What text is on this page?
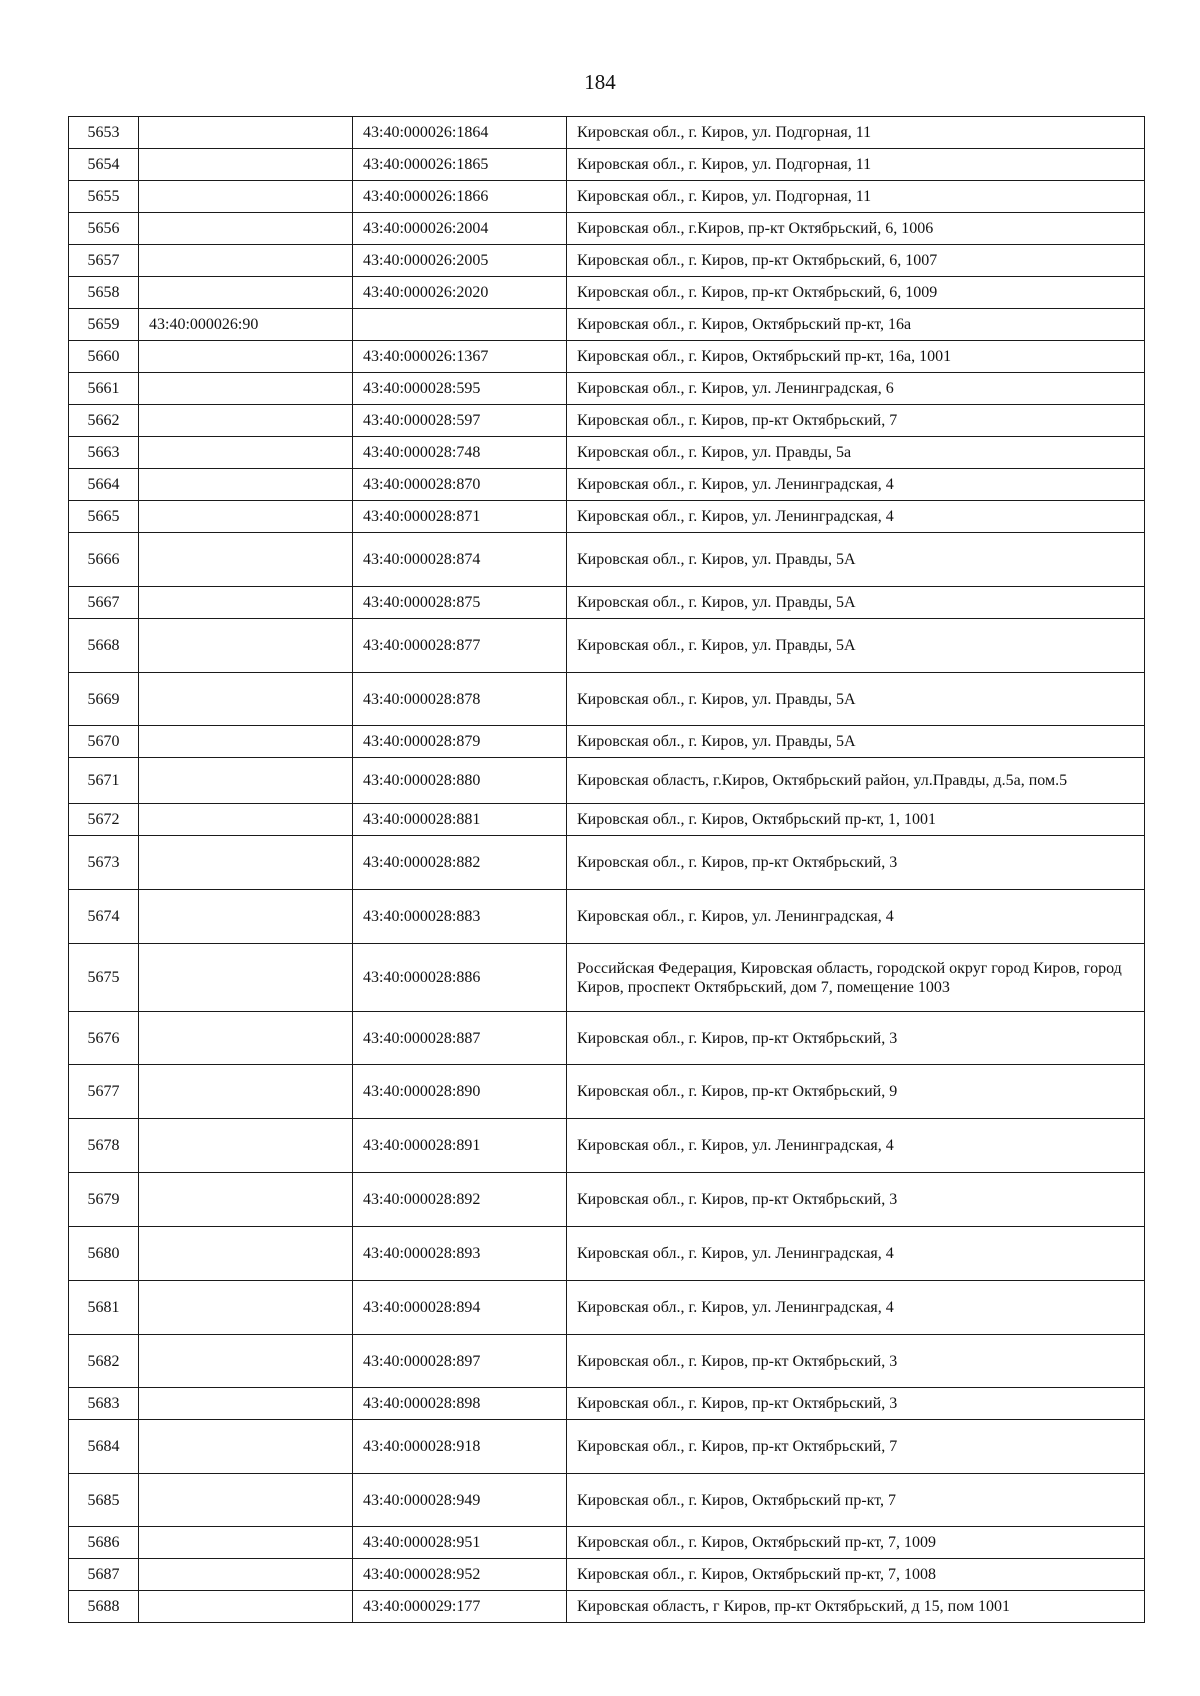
184
5653		43:40:000026:1864	Кировская обл., г. Киров, ул. Подгорная, 11
5654		43:40:000026:1865	Кировская обл., г. Киров, ул. Подгорная, 11
5655		43:40:000026:1866	Кировская обл., г. Киров, ул. Подгорная, 11
5656		43:40:000026:2004	Кировская обл., г.Киров, пр-кт Октябрьский, 6, 1006
5657		43:40:000026:2005	Кировская обл., г. Киров, пр-кт Октябрьский, 6, 1007
5658		43:40:000026:2020	Кировская обл., г. Киров, пр-кт Октябрьский, 6, 1009
5659	43:40:000026:90		Кировская обл., г. Киров, Октябрьский пр-кт, 16а
5660		43:40:000026:1367	Кировская обл., г. Киров, Октябрьский пр-кт, 16а, 1001
5661		43:40:000028:595	Кировская обл., г. Киров, ул. Ленинградская, 6
5662		43:40:000028:597	Кировская обл., г. Киров, пр-кт Октябрьский, 7
5663		43:40:000028:748	Кировская обл., г. Киров, ул. Правды, 5а
5664		43:40:000028:870	Кировская обл., г. Киров, ул. Ленинградская, 4
5665		43:40:000028:871	Кировская обл., г. Киров, ул. Ленинградская, 4
5666		43:40:000028:874	Кировская обл., г. Киров, ул. Правды, 5А
5667		43:40:000028:875	Кировская обл., г. Киров, ул. Правды, 5А
5668		43:40:000028:877	Кировская обл., г. Киров, ул. Правды, 5А
5669		43:40:000028:878	Кировская обл., г. Киров, ул. Правды, 5А
5670		43:40:000028:879	Кировская обл., г. Киров, ул. Правды, 5А
5671		43:40:000028:880	Кировская область, г.Киров, Октябрьский район, ул.Правды, д.5а, пом.5
5672		43:40:000028:881	Кировская обл., г. Киров, Октябрьский пр-кт, 1, 1001
5673		43:40:000028:882	Кировская обл., г. Киров, пр-кт Октябрьский, 3
5674		43:40:000028:883	Кировская обл., г. Киров, ул. Ленинградская, 4
5675		43:40:000028:886	Российская Федерация, Кировская область, городской округ город Киров, город Киров, проспект Октябрьский, дом 7, помещение 1003
5676		43:40:000028:887	Кировская обл., г. Киров, пр-кт Октябрьский, 3
5677		43:40:000028:890	Кировская обл., г. Киров, пр-кт Октябрьский, 9
5678		43:40:000028:891	Кировская обл., г. Киров, ул. Ленинградская, 4
5679		43:40:000028:892	Кировская обл., г. Киров, пр-кт Октябрьский, 3
5680		43:40:000028:893	Кировская обл., г. Киров, ул. Ленинградская, 4
5681		43:40:000028:894	Кировская обл., г. Киров, ул. Ленинградская, 4
5682		43:40:000028:897	Кировская обл., г. Киров, пр-кт Октябрьский, 3
5683		43:40:000028:898	Кировская обл., г. Киров, пр-кт Октябрьский, 3
5684		43:40:000028:918	Кировская обл., г. Киров, пр-кт Октябрьский, 7
5685		43:40:000028:949	Кировская обл., г. Киров, Октябрьский пр-кт, 7
5686		43:40:000028:951	Кировская обл., г. Киров, Октябрьский пр-кт, 7, 1009
5687		43:40:000028:952	Кировская обл., г. Киров, Октябрьский пр-кт, 7, 1008
5688		43:40:000029:177	Кировская область, г Киров, пр-кт Октябрьский, д 15, пом 1001
